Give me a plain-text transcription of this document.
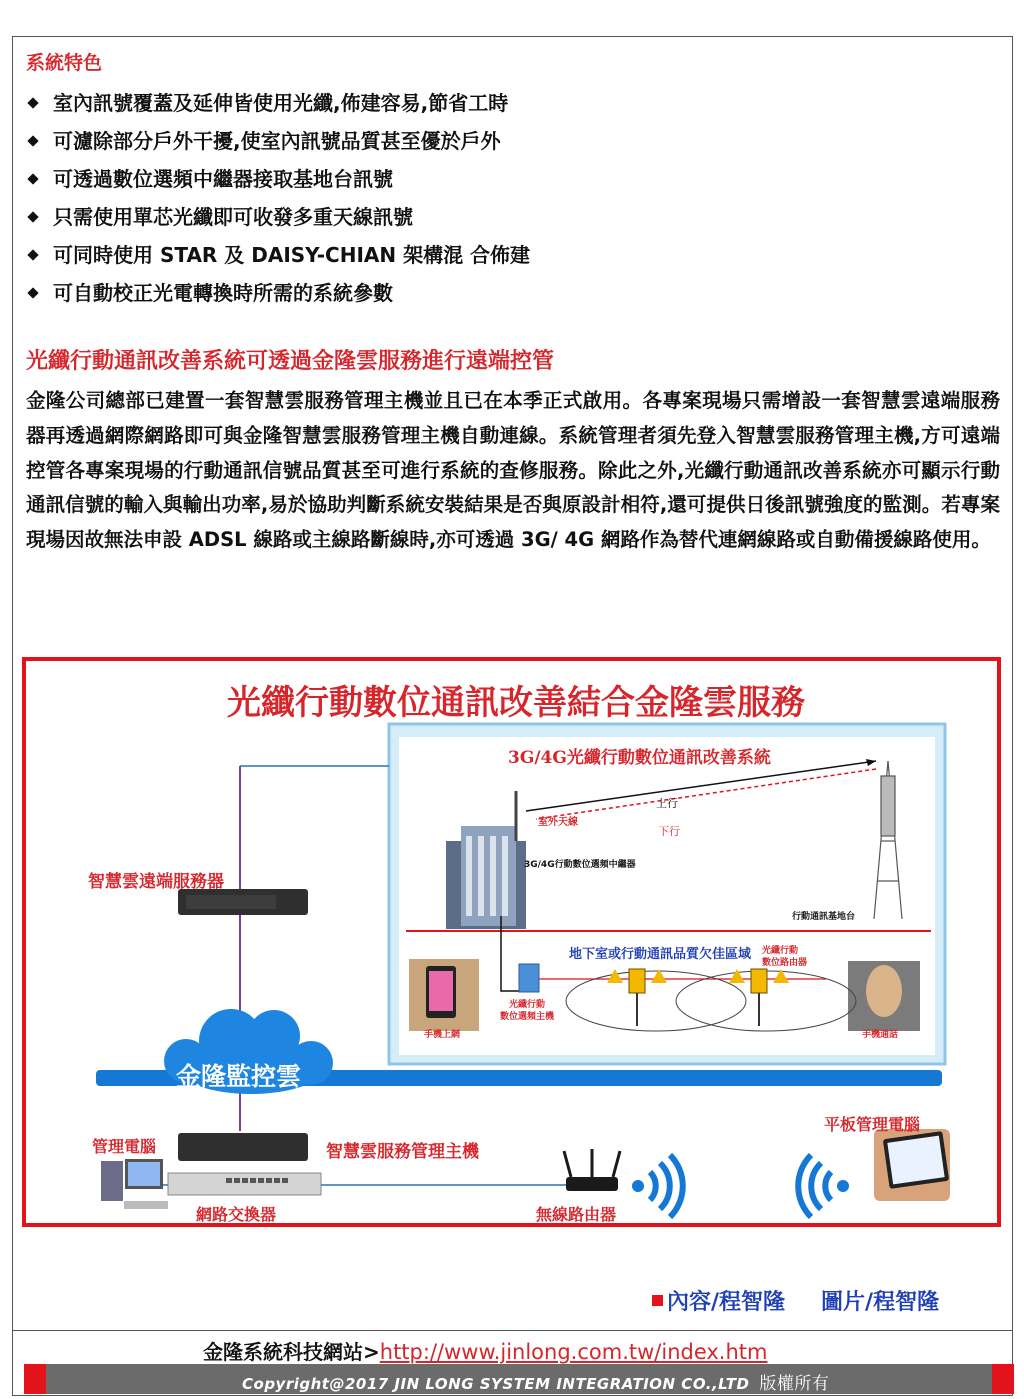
系統特色
室內訊號覆蓋及延伸皆使用光纖,佈建容易,節省工時
可濾除部分戶外干擾,使室內訊號品質甚至優於戶外
可透過數位選頻中繼器接取基地台訊號
只需使用單芯光纖即可收發多重天線訊號
可同時使用 STAR 及 DAISY-CHIAN 架構混 合佈建
可自動校正光電轉換時所需的系統參數
光纖行動通訊改善系統可透過金隆雲服務進行遠端控管
金隆公司總部已建置一套智慧雲服務管理主機並且已在本季正式啟用。各專案現場只需增設一套智慧雲遠端服務器再透過網際網路即可與金隆智慧雲服務管理主機自動連線。系統管理者須先登入智慧雲服務管理主機,方可遠端控管各專案現場的行動通訊信號品質甚至可進行系統的查修服務。除此之外,光纖行動通訊改善系統亦可顯示行動通訊信號的輸入與輸出功率,易於協助判斷系統安裝結果是否與原設計相符,還可提供日後訊號強度的監測。若專案現場因故無法申設 ADSL 線路或主線路斷線時,亦可透過 3G/ 4G 網路作為替代連網線路或自動備援線路使用。
光纖行動數位通訊改善結合金隆雲服務
3G/4G光纖行動數位通訊改善系統
上行
下行
室外天線
3G/4G行動數位選頻中繼器
行動通訊基地台
地下室或行動通訊品質欠佳區域 光纖行動
數位路由器
光纖行動
數位選頻主機
手機上網	手機通話
智慧雲遠端服務器
金隆監控雲
管理電腦	智慧雲服務管理主機
平板管理電腦
網路交換器	無線路由器
內容/程智隆 圖片/程智隆
金隆系統科技網站>http://www.jinlong.com.tw/index.htm
Copyright@2017 JIN LONG SYSTEM INTEGRATION CO.,LTD 版權所有
